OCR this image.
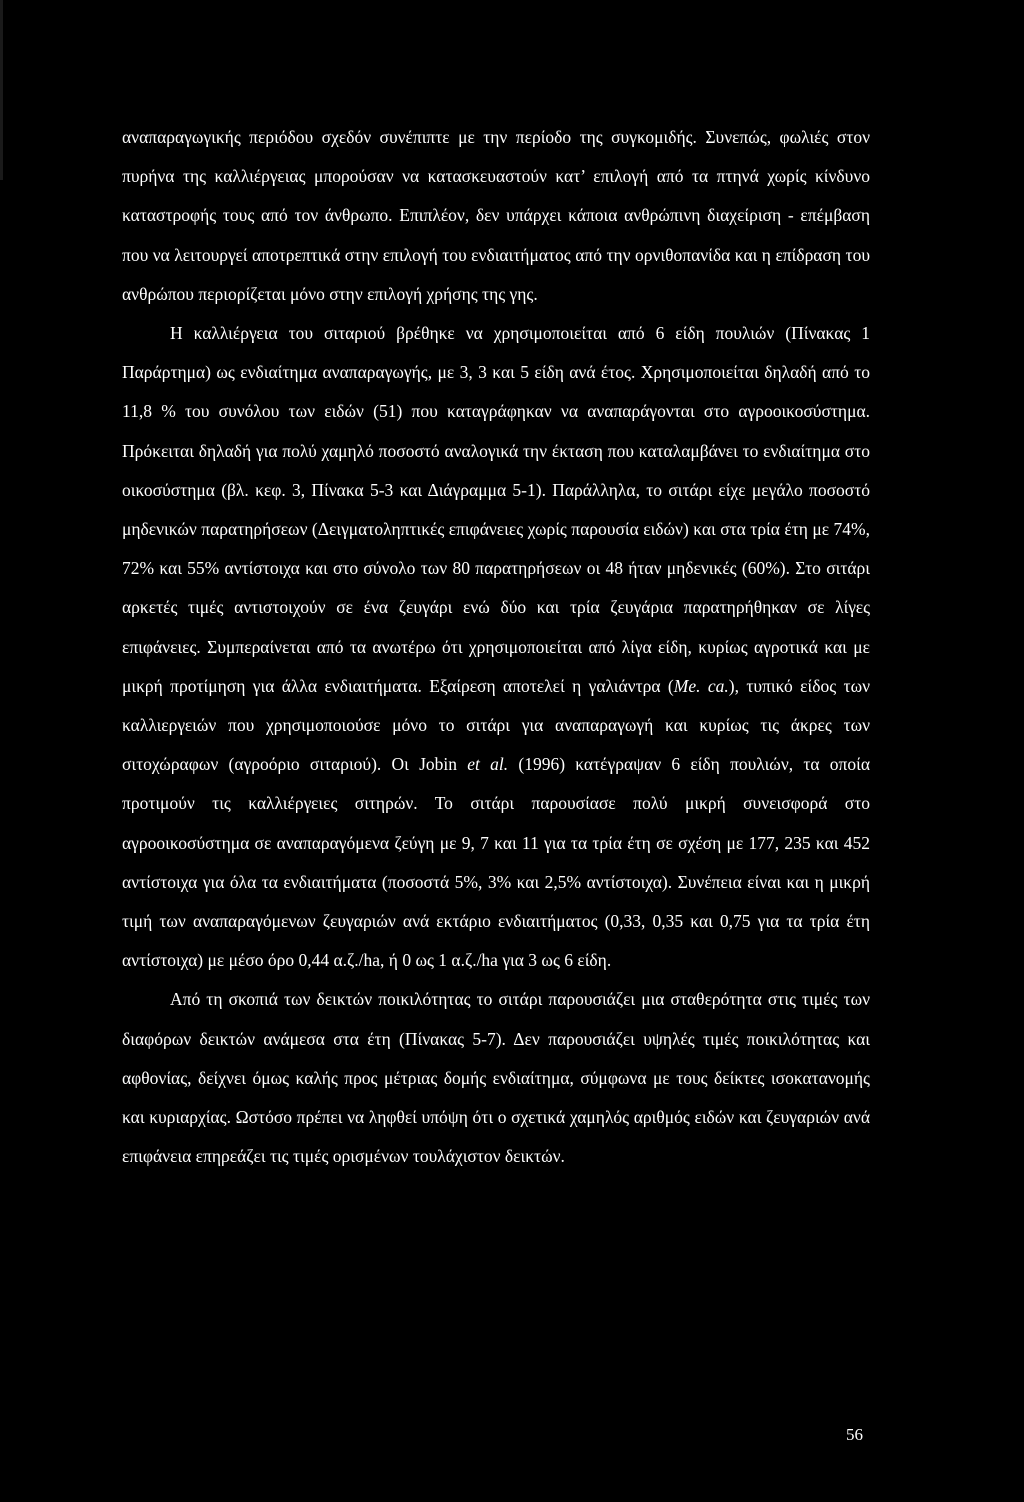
αναπαραγωγικής περιόδου σχεδόν συνέπιπτε με την περίοδο της συγκομιδής. Συνεπώς, φωλιές στον πυρήνα της καλλιέργειας μπορούσαν να κατασκευαστούν κατ’ επιλογή από τα πτηνά χωρίς κίνδυνο καταστροφής τους από τον άνθρωπο. Επιπλέον, δεν υπάρχει κάποια ανθρώπινη διαχείριση - επέμβαση που να λειτουργεί αποτρεπτικά στην επιλογή του ενδιαιτήματος από την ορνιθοπανίδα και η επίδραση του ανθρώπου περιορίζεται μόνο στην επιλογή χρήσης της γης.

Η καλλιέργεια του σιταριού βρέθηκε να χρησιμοποιείται από 6 είδη πουλιών (Πίνακας 1 Παράρτημα) ως ενδιαίτημα αναπαραγωγής, με 3, 3 και 5 είδη ανά έτος. Χρησιμοποιείται δηλαδή από το 11,8 % του συνόλου των ειδών (51) που καταγράφηκαν να αναπαράγονται στο αγροοικοσύστημα. Πρόκειται δηλαδή για πολύ χαμηλό ποσοστό αναλογικά την έκταση που καταλαμβάνει το ενδιαίτημα στο οικοσύστημα (βλ. κεφ. 3, Πίνακα 5-3 και Διάγραμμα 5-1). Παράλληλα, το σιτάρι είχε μεγάλο ποσοστό μηδενικών παρατηρήσεων (Δειγματοληπτικές επιφάνειες χωρίς παρουσία ειδών) και στα τρία έτη με 74%, 72% και 55% αντίστοιχα και στο σύνολο των 80 παρατηρήσεων οι 48 ήταν μηδενικές (60%). Στο σιτάρι αρκετές τιμές αντιστοιχούν σε ένα ζευγάρι ενώ δύο και τρία ζευγάρια παρατηρήθηκαν σε λίγες επιφάνειες. Συμπεραίνεται από τα ανωτέρω ότι χρησιμοποιείται από λίγα είδη, κυρίως αγροτικά και με μικρή προτίμηση για άλλα ενδιαιτήματα. Εξαίρεση αποτελεί η γαλιάντρα (Me. ca.), τυπικό είδος των καλλιεργειών που χρησιμοποιούσε μόνο το σιτάρι για αναπαραγωγή και κυρίως τις άκρες των σιτοχώραφων (αγροόριο σιταριού). Οι Jobin et al. (1996) κατέγραψαν 6 είδη πουλιών, τα οποία προτιμούν τις καλλιέργειες σιτηρών. Το σιτάρι παρουσίασε πολύ μικρή συνεισφορά στο αγροοικοσύστημα σε αναπαραγόμενα ζεύγη με 9, 7 και 11 για τα τρία έτη σε σχέση με 177, 235 και 452 αντίστοιχα για όλα τα ενδιαιτήματα (ποσοστά 5%, 3% και 2,5% αντίστοιχα). Συνέπεια είναι και η μικρή τιμή των αναπαραγόμενων ζευγαριών ανά εκτάριο ενδιαιτήματος (0,33, 0,35 και 0,75 για τα τρία έτη αντίστοιχα) με μέσο όρο 0,44 α.ζ./ha, ή 0 ως 1 α.ζ./ha για 3 ως 6 είδη.

Από τη σκοπιά των δεικτών ποικιλότητας το σιτάρι παρουσιάζει μια σταθερότητα στις τιμές των διαφόρων δεικτών ανάμεσα στα έτη (Πίνακας 5-7). Δεν παρουσιάζει υψηλές τιμές ποικιλότητας και αφθονίας, δείχνει όμως καλής προς μέτριας δομής ενδιαίτημα, σύμφωνα με τους δείκτες ισοκατανομής και κυριαρχίας. Ωστόσο πρέπει να ληφθεί υπόψη ότι ο σχετικά χαμηλός αριθμός ειδών και ζευγαριών ανά επιφάνεια επηρεάζει τις τιμές ορισμένων τουλάχιστον δεικτών.

56
